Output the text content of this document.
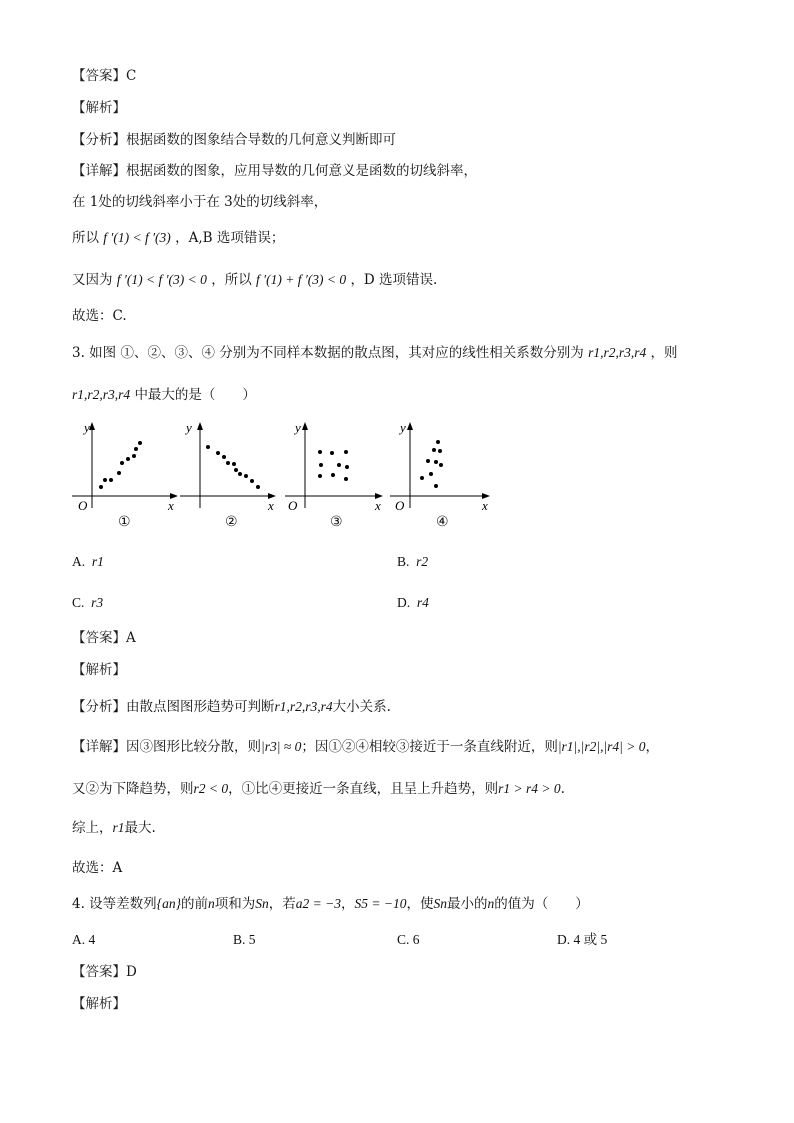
【答案】C
【解析】
【分析】根据函数的图象结合导数的几何意义判断即可
【详解】根据函数的图象，应用导数的几何意义是函数的切线斜率，
在 1处的切线斜率小于在 3处的切线斜率，
所以 f ′(1) < f ′(3) ，A,B 选项错误；
又因为 f ′(1) < f ′(3) < 0 ，所以 f ′(1) + f ′(3) < 0 ，D 选项错误.
故选：C.
3. 如图 ①、②、③、④ 分别为不同样本数据的散点图，其对应的线性相关系数分别为 r1,r2,r3,r4 ，则
r1,r2,r3,r4 中最大的是（　　）
y
x
O
①
y
x
②
y
x
O
③
y
x
O
④
A. r1	B. r2
C. r3	D. r4
【答案】A
【解析】
【分析】由散点图图形趋势可判断r1,r2,r3,r4大小关系.
【详解】因③图形比较分散，则|r3| ≈ 0；因①②④相较③接近于一条直线附近，则|r1|,|r2|,|r4| > 0，
又②为下降趋势，则r2 < 0，①比④更接近一条直线，且呈上升趋势，则r1 > r4 > 0.
综上，r1最大.
故选：A
4. 设等差数列{an}的前n项和为Sn，若a2 = −3，S5 = −10，使Sn最小的n的值为（　　）
A. 4	B. 5	C. 6	D. 4 或 5
【答案】D
【解析】
